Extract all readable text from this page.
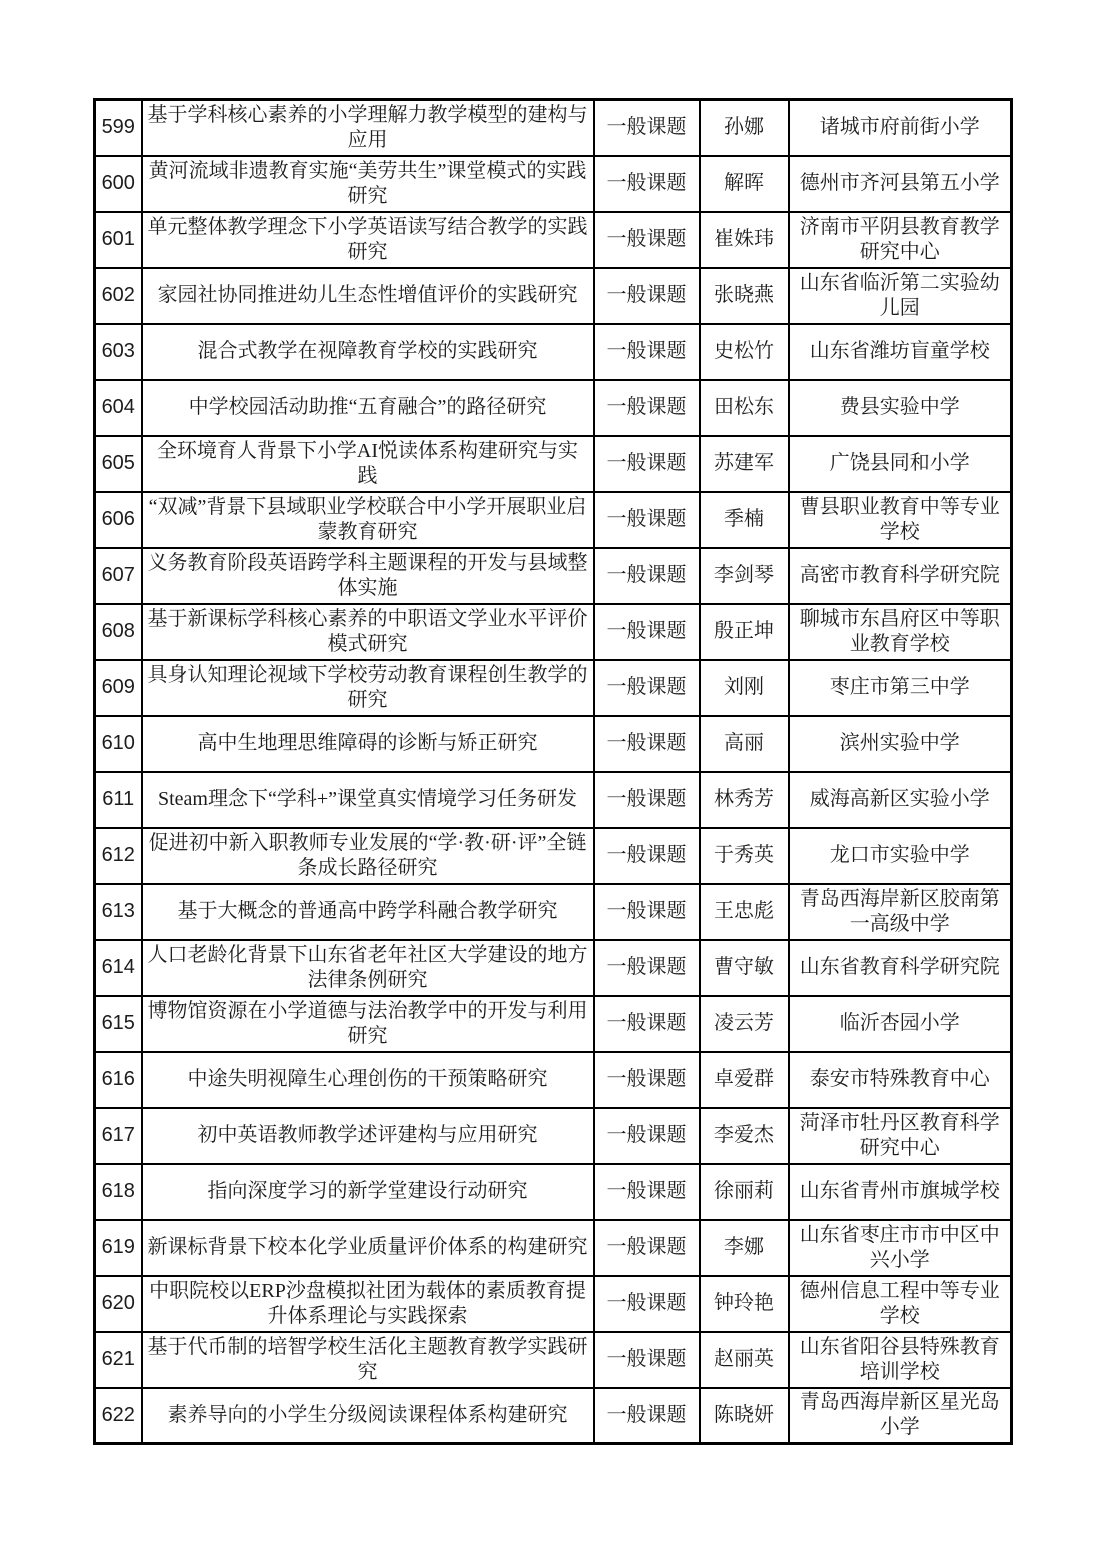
599	基于学科核心素养的小学理解力教学模型的建构与应用	一般课题	孙娜	诸城市府前街小学
600	黄河流域非遗教育实施“美劳共生”课堂模式的实践研究	一般课题	解晖	德州市齐河县第五小学
601	单元整体教学理念下小学英语读写结合教学的实践研究	一般课题	崔姝玮	济南市平阴县教育教学研究中心
602	家园社协同推进幼儿生态性增值评价的实践研究	一般课题	张晓燕	山东省临沂第二实验幼儿园
603	混合式教学在视障教育学校的实践研究	一般课题	史松竹	山东省潍坊盲童学校
604	中学校园活动助推“五育融合”的路径研究	一般课题	田松东	费县实验中学
605	全环境育人背景下小学AI悦读体系构建研究与实践	一般课题	苏建军	广饶县同和小学
606	“双减”背景下县域职业学校联合中小学开展职业启蒙教育研究	一般课题	季楠	曹县职业教育中等专业学校
607	义务教育阶段英语跨学科主题课程的开发与县域整体实施	一般课题	李剑琴	高密市教育科学研究院
608	基于新课标学科核心素养的中职语文学业水平评价模式研究	一般课题	殷正坤	聊城市东昌府区中等职业教育学校
609	具身认知理论视域下学校劳动教育课程创生教学的研究	一般课题	刘刚	枣庄市第三中学
610	高中生地理思维障碍的诊断与矫正研究	一般课题	高丽	滨州实验中学
611	Steam理念下“学科+”课堂真实情境学习任务研发	一般课题	林秀芳	威海高新区实验小学
612	促进初中新入职教师专业发展的“学·教·研·评”全链条成长路径研究	一般课题	于秀英	龙口市实验中学
613	基于大概念的普通高中跨学科融合教学研究	一般课题	王忠彪	青岛西海岸新区胶南第一高级中学
614	人口老龄化背景下山东省老年社区大学建设的地方法律条例研究	一般课题	曹守敏	山东省教育科学研究院
615	博物馆资源在小学道德与法治教学中的开发与利用研究	一般课题	凌云芳	临沂杏园小学
616	中途失明视障生心理创伤的干预策略研究	一般课题	卓爱群	泰安市特殊教育中心
617	初中英语教师教学述评建构与应用研究	一般课题	李爱杰	菏泽市牡丹区教育科学研究中心
618	指向深度学习的新学堂建设行动研究	一般课题	徐丽莉	山东省青州市旗城学校
619	新课标背景下校本化学业质量评价体系的构建研究	一般课题	李娜	山东省枣庄市市中区中兴小学
620	中职院校以ERP沙盘模拟社团为载体的素质教育提升体系理论与实践探索	一般课题	钟玲艳	德州信息工程中等专业学校
621	基于代币制的培智学校生活化主题教育教学实践研究	一般课题	赵丽英	山东省阳谷县特殊教育培训学校
622	素养导向的小学生分级阅读课程体系构建研究	一般课题	陈晓妍	青岛西海岸新区星光岛小学
